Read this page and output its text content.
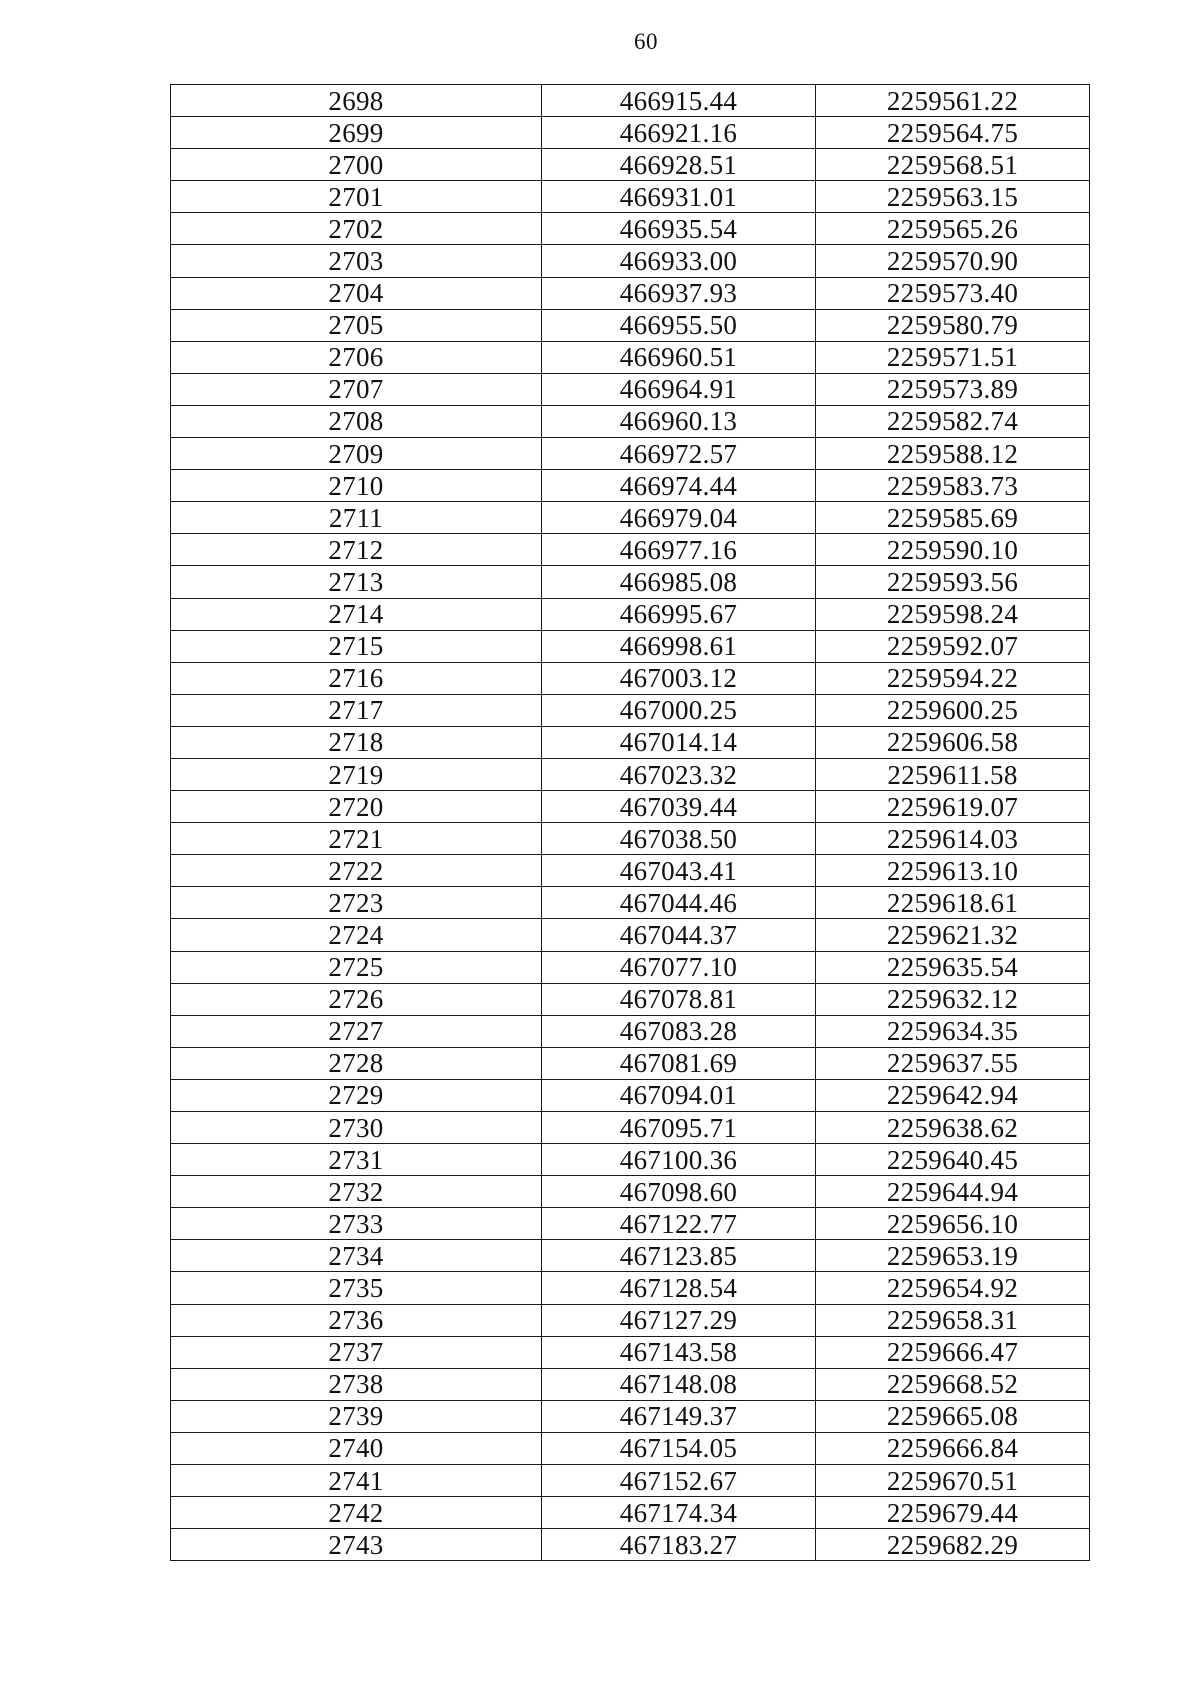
60
2698	466915.44	2259561.22
2699	466921.16	2259564.75
2700	466928.51	2259568.51
2701	466931.01	2259563.15
2702	466935.54	2259565.26
2703	466933.00	2259570.90
2704	466937.93	2259573.40
2705	466955.50	2259580.79
2706	466960.51	2259571.51
2707	466964.91	2259573.89
2708	466960.13	2259582.74
2709	466972.57	2259588.12
2710	466974.44	2259583.73
2711	466979.04	2259585.69
2712	466977.16	2259590.10
2713	466985.08	2259593.56
2714	466995.67	2259598.24
2715	466998.61	2259592.07
2716	467003.12	2259594.22
2717	467000.25	2259600.25
2718	467014.14	2259606.58
2719	467023.32	2259611.58
2720	467039.44	2259619.07
2721	467038.50	2259614.03
2722	467043.41	2259613.10
2723	467044.46	2259618.61
2724	467044.37	2259621.32
2725	467077.10	2259635.54
2726	467078.81	2259632.12
2727	467083.28	2259634.35
2728	467081.69	2259637.55
2729	467094.01	2259642.94
2730	467095.71	2259638.62
2731	467100.36	2259640.45
2732	467098.60	2259644.94
2733	467122.77	2259656.10
2734	467123.85	2259653.19
2735	467128.54	2259654.92
2736	467127.29	2259658.31
2737	467143.58	2259666.47
2738	467148.08	2259668.52
2739	467149.37	2259665.08
2740	467154.05	2259666.84
2741	467152.67	2259670.51
2742	467174.34	2259679.44
2743	467183.27	2259682.29
